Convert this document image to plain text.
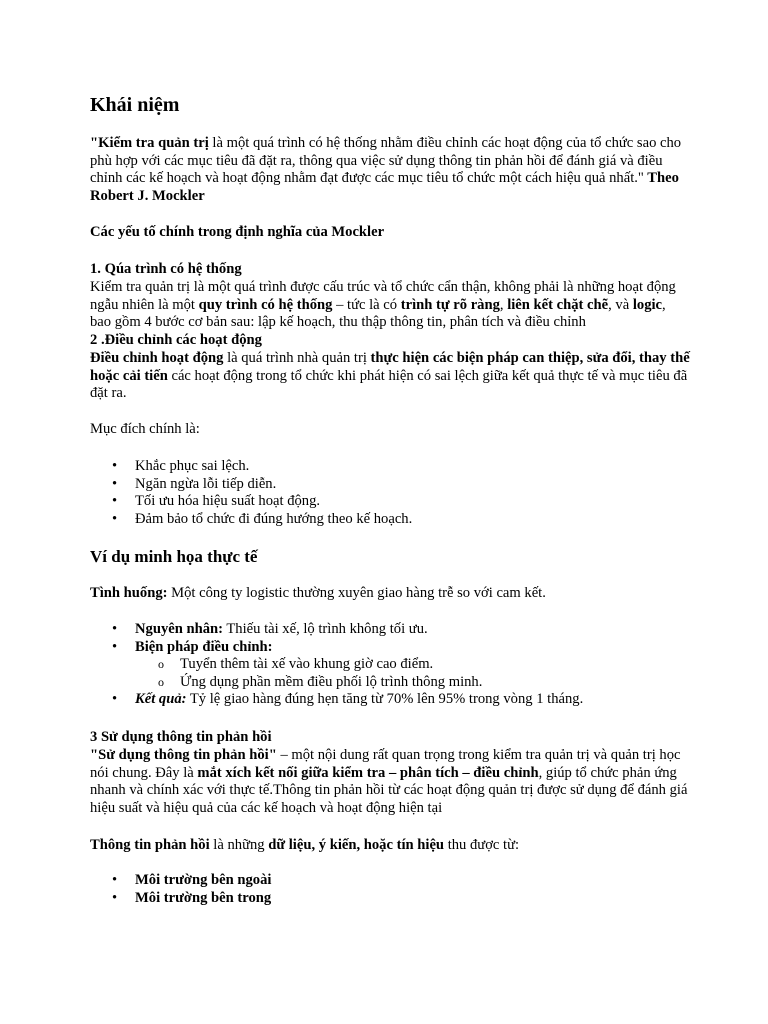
Khái niệm

"Kiểm tra quản trị là một quá trình có hệ thống nhằm điều chỉnh các hoạt động của tổ chức sao cho phù hợp với các mục tiêu đã đặt ra, thông qua việc sử dụng thông tin phản hồi để đánh giá và điều chỉnh các kế hoạch và hoạt động nhằm đạt được các mục tiêu tổ chức một cách hiệu quả nhất." Theo Robert J. Mockler

Các yếu tố chính trong định nghĩa của Mockler

1. Qúa trình có hệ thống

Kiểm tra quản trị là một quá trình được cấu trúc và tổ chức cẩn thận, không phải là những hoạt động ngẫu nhiên là một quy trình có hệ thống – tức là có trình tự rõ ràng, liên kết chặt chẽ, và logic, bao gồm 4 bước cơ bản sau: lập kế hoạch, thu thập thông tin, phân tích và điều chỉnh

2 .Điều chỉnh các hoạt động

Điều chỉnh hoạt động là quá trình nhà quản trị thực hiện các biện pháp can thiệp, sửa đổi, thay thế hoặc cải tiến các hoạt động trong tổ chức khi phát hiện có sai lệch giữa kết quả thực tế và mục tiêu đã đặt ra.

Mục đích chính là:

• Khắc phục sai lệch.
• Ngăn ngừa lỗi tiếp diễn.
• Tối ưu hóa hiệu suất hoạt động.
• Đảm bảo tổ chức đi đúng hướng theo kế hoạch.
Ví dụ minh họa thực tế

Tình huống: Một công ty logistic thường xuyên giao hàng trễ so với cam kết.

• Nguyên nhân: Thiếu tài xế, lộ trình không tối ưu.
• Biện pháp điều chỉnh:
o Tuyển thêm tài xế vào khung giờ cao điểm.
o Ứng dụng phần mềm điều phối lộ trình thông minh.
• Kết quả: Tỷ lệ giao hàng đúng hẹn tăng từ 70% lên 95% trong vòng 1 tháng.

3 Sử dụng thông tin phản hồi

"Sử dụng thông tin phản hồi" – một nội dung rất quan trọng trong kiểm tra quản trị và quản trị học nói chung. Đây là mắt xích kết nối giữa kiểm tra – phân tích – điều chỉnh, giúp tổ chức phản ứng nhanh và chính xác với thực tế.Thông tin phản hồi từ các hoạt động quản trị được sử dụng để đánh giá hiệu suất và hiệu quả của các kế hoạch và hoạt động hiện tại

Thông tin phản hồi là những dữ liệu, ý kiến, hoặc tín hiệu thu được từ:

• Môi trường bên ngoài
• Môi trường bên trong
